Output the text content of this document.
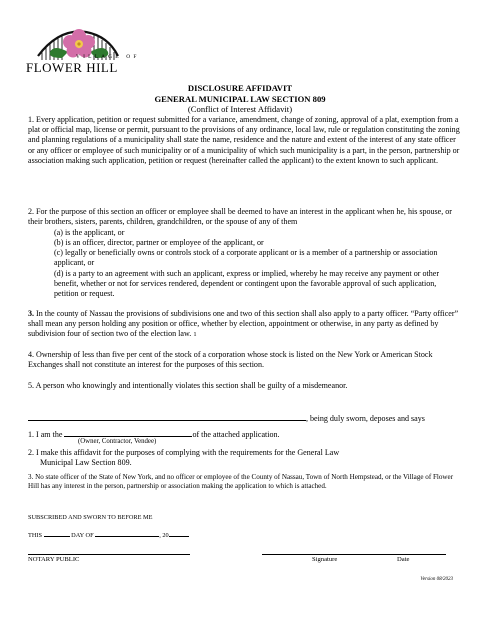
VILLAGE OF
FLOWER HILL
DISCLOSURE AFFIDAVIT
GENERAL MUNICIPAL LAW SECTION 809
(Conflict of Interest Affidavit)
1. Every application, petition or request submitted for a variance, amendment, change of zoning, approval of a plat, exemption from a plat or official map, license or permit, pursuant to the provisions of any ordinance, local law, rule or regulation constituting the zoning and planning regulations of a municipality shall state the name, residence and the nature and extent of the interest of any state officer or any officer or employee of such municipality or of a municipality of which such municipality is a part, in the person, partnership or association making such application, petition or request (hereinafter called the applicant) to the extent known to such applicant.
2. For the purpose of this section an officer or employee shall be deemed to have an interest in the applicant when he, his spouse, or their brothers, sisters, parents, children, grandchildren, or the spouse of any of them
(a) is the applicant, or
(b) is an officer, director, partner or employee of the applicant, or
(c) legally or beneficially owns or controls stock of a corporate applicant or is a member of a partnership or association applicant, or
(d) is a party to an agreement with such an applicant, express or implied, whereby he may receive any payment or other benefit, whether or not for services rendered, dependent or contingent upon the favorable approval of such application, petition or request.
3. In the county of Nassau the provisions of subdivisions one and two of this section shall also apply to a party officer. “Party officer” shall mean any person holding any position or office, whether by election, appointment or otherwise, in any party as defined by subdivision four of section two of the election law. 1
4. Ownership of less than five per cent of the stock of a corporation whose stock is listed on the New York or American Stock Exchanges shall not constitute an interest for the purposes of this section.
5. A person who knowingly and intentionally violates this section shall be guilty of a misdemeanor.
, being duly sworn, deposes and says
1. I am the	of the attached application.
(Owner, Contractor, Vendee)
2. I make this affidavit for the purposes of complying with the requirements for the General Law
Municipal Law Section 809.
3. No state officer of the State of New York, and no officer or employee of the County of Nassau, Town of North Hempstead, or the Village of Flower Hill has any interest in the person, partnership or association making the application to which is attached.
SUBSCRIBED AND SWORN TO BEFORE ME
THIS	DAY OF	, 20
NOTARY PUBLIC	Signature	Date
Version 08/2023
